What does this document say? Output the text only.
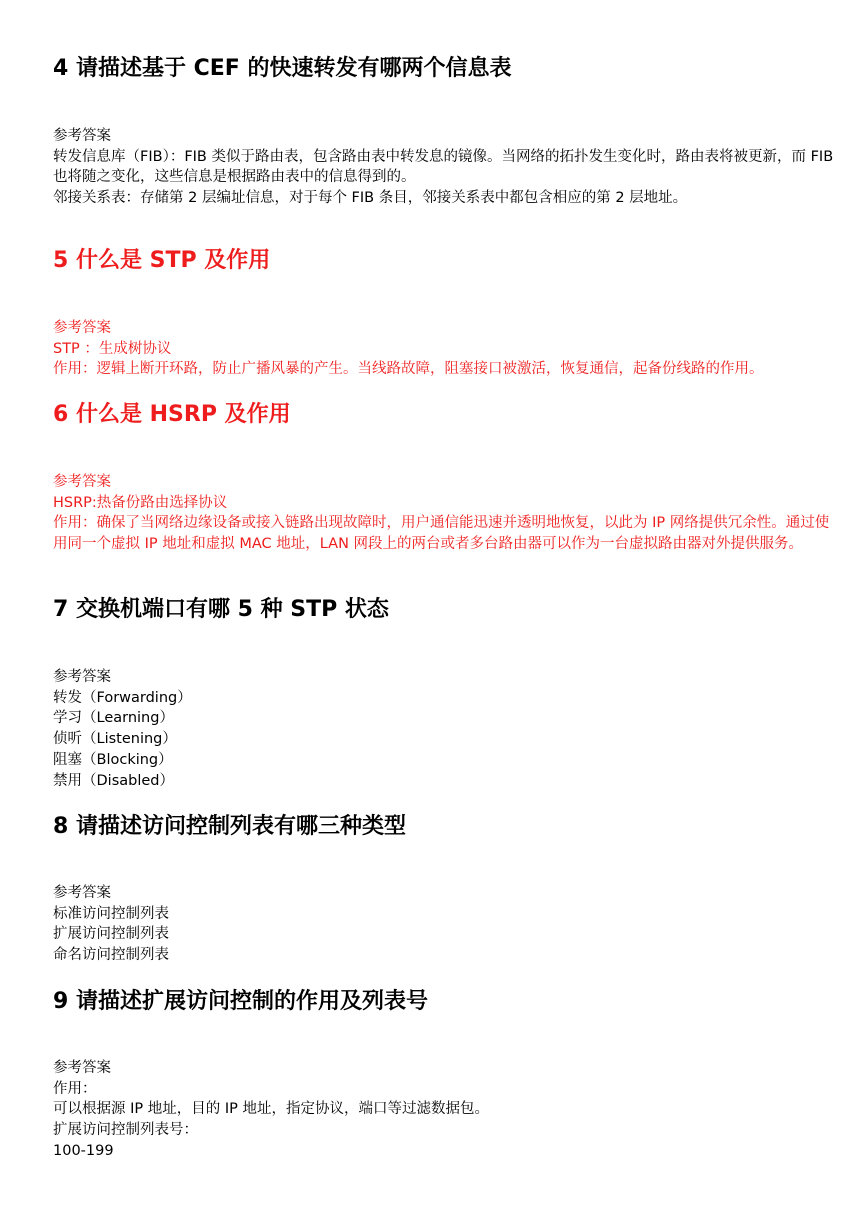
4 请描述基于 CEF 的快速转发有哪两个信息表
参考答案
转发信息库（FIB）：FIB 类似于路由表，包含路由表中转发息的镜像。当网络的拓扑发生变化时，路由表将被更新，而 FIB 也将随之变化，这些信息是根据路由表中的信息得到的。
邻接关系表：存储第 2 层编址信息，对于每个 FIB 条目，邻接关系表中都包含相应的第 2 层地址。
5 什么是 STP 及作用
参考答案
STP ：生成树协议
作用：逻辑上断开环路，防止广播风暴的产生。当线路故障，阻塞接口被激活，恢复通信，起备份线路的作用。
6 什么是 HSRP 及作用
参考答案
HSRP:热备份路由选择协议
作用：确保了当网络边缘设备或接入链路出现故障时，用户通信能迅速并透明地恢复，以此为 IP 网络提供冗余性。通过使用同一个虚拟 IP 地址和虚拟 MAC 地址，LAN 网段上的两台或者多台路由器可以作为一台虚拟路由器对外提供服务。
7 交换机端口有哪 5 种 STP 状态
参考答案
转发（Forwarding）
学习（Learning）
侦听（Listening）
阻塞（Blocking）
禁用（Disabled）
8 请描述访问控制列表有哪三种类型
参考答案
标准访问控制列表
扩展访问控制列表
命名访问控制列表
9 请描述扩展访问控制的作用及列表号
参考答案
作用：
可以根据源 IP 地址，目的 IP 地址，指定协议，端口等过滤数据包。
扩展访问控制列表号：
100-199
